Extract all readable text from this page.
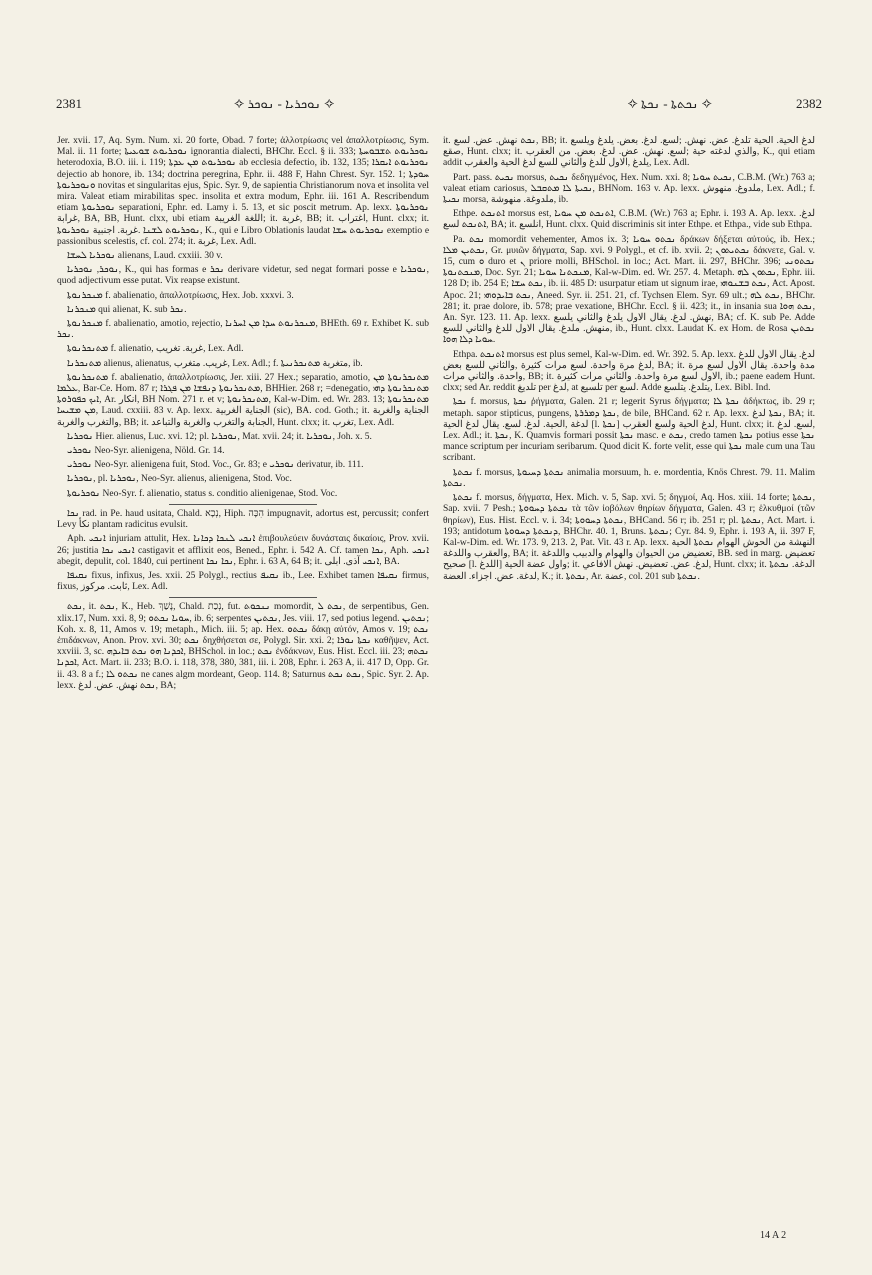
2381	✧ ܢܘܟܪܝܐ - ܢܘܟܪ ✧	✧ ܢܟܬܬܐ - ܢܟܬܐ ✧	2382

Jer. xvii. 17, Aq. Sym. Num. xi. 20 forte, Obad. 7 forte; ἀλλοτρίωσις vel ἀπαλλοτρίωσις, Sym. Mal. ii. 11 forte; ܢܘܟܪܝܘܬ ܫܘܥܝܬܐ ignorantia dialecti, BHChr. Eccl. § ii. 333; ܢܘܟܪܝܘܬ ܬܫܒܘܚܬܐ heterodoxia, B.O. iii. i. 119; ܢܘܟܪܝܘܬ ܡܢ ܥܕܬܐ ab ecclesia defectio, ib. 132, 135; ܢܘܟܪܝܘܬ ܐܝܩܪܐ dejectio ab honore, ib. 134; doctrina peregrina, Ephr. ii. 488 F, Hahn Chrest. Syr. 152. 1; ܚܘܕܬܐ ܘܢܘܟܪܝܘܬܐ novitas et singularitas ejus, Spic. Syr. 9, de sapientia Christianorum nova et insolita vel mira. Valeat etiam mirabilitas spec. insolita et extra modum, Ephr. iii. 161 A. Rescribendum etiam ܢܘܟܪܝܘܬܐ separationi, Ephr. ed. Lamy i. 5. 13, et sic poscit metrum. Ap. lexx. ܢܘܟܪܝܘܬܐ ‎غرابة‎, BA, BB, Hunt. clxx, ubi etiam ‎اللغة الغريبة‎; it. ‎غربة‎, BB; it. ‎اغتراب‎, Hunt. clxx; it. ܢܘܟܪܝܘܬܐ ‎غربة. اجنبية‎. ܢܘܟܪܝܘܬ ܠܫܢܐ, K., qui e Libro Oblationis laudat ܢܘܟܪܝܘܬ ܚܫܐ exemptio e passionibus scelestis, cf. col. 274; it. ‎غربة‎, Lex. Adl.

ܢܘܟܪܝܐ ܠܚܫܐ alienans, Laud. cxxiii. 30 v.

ܢܘܟܪ, ܢܘܟܪܝܐ, K., qui has formas e ܢܟܪ derivare videtur, sed negat formari posse e ܢܘܟܪܝܐ, quod adjectivum esse putat. Vix reapse existunt.

ܡܢܟܪܢܘܬܐ f. abalienatio, ἀπαλλοτρίωσις, Hex. Job. xxxvi. 3.

ܡܢܟܪܢܐ qui alienat, K. sub ܢܟܪ.

ܡܢܟܪܢܘܬܐ f. abalienatio, amotio, rejectio, ܡܢܟܪܢܘܬ ܚܕܐ ܡܢ ܐܚܪܢܐ, BHEth. 69 r. Exhibet K. sub ܢܟܪ.

ܡܬܢܟܪܢܘܬܐ f. alienatio, ‎غربة. تغريب‎, Lex. Adl.

ܡܬܢܟܪܢܐ alienus, alienatus, ‎غريب. متغرب‎, Lex. Adl.; f. ܡܬܢܟܪܢܝܬܐ ‎متغربة‎, ib.

ܡܬܢܟܪܢܘܬܐ f. abalienatio, ἀπαλλοτρίωσις, Jer. xiii. 27 Hex.; separatio, amotio, ܡܬܢܟܪܢܘܬܐ ܡܢ ܥܠܡܐ, Bar-Ce. Hom. 87 r; ܡܬܢܟܪܢܘܬܐ ܕܢܦܫܐ ܡܢ ܦܓܪܐ, BHHier. 268 r; =denegatio, ܡܬܢܟܪܢܘܬܐ ܕܗܝ ܐܝܟ ܟܦܘܪܘܬܐ, Ar. ‎انكار‎, BH Nom. 271 r. et v; ܡܬܢܟܪܢܘܬܐ, Kal-w-Dim. ed. Wr. 283. 13; ܡܬܢܟܪܢܘܬܐ ܡܢ ܡܫܝܚܐ, Laud. cxxiii. 83 v. Ap. lexx. ‎الجناية الغربية (sic)‎, BA. cod. Goth.; it. ‎الجناية والغربة والتغرب والغربة‎, BB; it. ‎الجنابة والتغرب والغربة والتباعد‎, Hunt. clxx; it. ‎تغرب‎, Lex. Adl.

ܢܘܟܪܝܐ Hier. alienus, Luc. xvi. 12; pl. ܢܘܟܪܝܐ, Mat. xvii. 24; it. ܢܘܟܪܝܐ, Joh. x. 5.

ܢܘܟܪܝ Neo-Syr. alienigena, Nöld. Gr. 14.

ܢܘܟܪܝ Neo-Syr. alienigena fuit, Stod. Voc., Gr. 83; e ܢܘܟܪܝ derivatur, ib. 111.

ܢܘܟܪܝܐ, pl. ܢܘܟܪܝܐ, Neo-Syr. alienus, alienigena, Stod. Voc.

ܢܘܟܪܝܘܬܐ Neo-Syr. f. alienatio, status s. conditio alienigenae, Stod. Voc.

ܢܟܐ rad. in Pe. haud usitata, Chald. ‎נְכָא‎, Hiph. ‎הִכָּה‎ impugnavit, adortus est, percussit; confert Levy ‎نكأ‎ plantam radicitus evulsit.

Aph. ܐܢܟܝ injuriam attulit, Hex. ܐܢܟܝ ܠܢܟܐ ܕܟܐܢܐ ἐπιβουλεύειν δυνάσταις δικαίοις, Prov. xvii. 26; justitia ܐܢܟܝ ܢܟܐ castigavit et afflixit eos, Bened., Ephr. i. 542 A. Cf. tamen ܢܟܐ, Aph. ܐܢܟܝ abegit, depulit, col. 1840, cui pertinent ܢܟܐ ܢܟܐ, Ephr. i. 63 A, 64 B; it. ‎آذى. ابلى‎ ܐܢܟܝ, BA.

ܢܩܝܦܐ fixus, infixus, Jes. xxii. 25 Polygl., rectius ܢܩܝܦ ib., Lee. Exhibet tamen ܢܩܝܦܐ firmus, fixus, ‎ثابت. مركوز‎, Lex. Adl.

ܢܟܬ, it. ܢܟܬ, K., Heb. ‎נָשַׁךְ‎, Chald. ‎נְכַת‎, fut. ܢܢܟܘܬ momordit, ܢܟܬ ܠ, de serpentibus, Gen. xlix.17, Num. xxi. 8, 9; ܚܘܝܐ ܢܟܬܘ, ib. 6; serpentes ܢܟܬܝܢ, Jes. viii. 17, sed potius legend. ܢܟܬܝܢ; Koh. x. 8, 11, Amos v. 19; metaph., Mich. iii. 5; ap. Hex. ܢܟܬܘ δάκῃ αὐτόν, Amos v. 19; ܢܟܬ ἐπιδάκνων, Anon. Prov. xvi. 30; ܢܟܬ δηχθήσεται σε, Polygl. Sir. xxi. 2; ܢܟܬܐ ܢܘܪܐ καθῆψεν, Act. xxviii. 3, sc. ܐܟܕܢܐ ܗܘ ܢܟܬ ܒܐܝܕܗ, BHSchol. in loc.; ܢܟܬ ἐνδάκνων, Eus. Hist. Eccl. iii. 23; ܢܟܬܗ ܐܟܕܢܐ, Act. Mart. ii. 233; B.O. i. 118, 378, 380, 381, iii. i. 208, Ephr. i. 263 A, ii. 417 D, Opp. Gr. ii. 43. 8 a f.; ܢܟܬܘ ܠܐ ne canes algm mordeant, Geop. 114. 8; Saturnus ܢܟܬ ܢܟܬ, Spic. Syr. 2. Ap. lexx. ‎نهش. عض. لدغ‎ ܢܟܬ, BA;

it. ‎نهش. عض. لسع‎ ܢܟܬ, BB; it. ‎لسع. لدغ. بعض. يلدغ ويلسع‎; ‎لدغ الحية. الحية تلدغ. عض. نهش. صقع‎, Hunt. clxx; it. ‎لسع. نهش. عض. لدغ. بعض. من العقرب‎; ‎والذي لدغته حية‎, K., qui etiam addit ‎لدغ الحية والعقرب‎ ‎الاول للدغ والثاني للسع‎, ‎يلدغ‎, Lex. Adl.

Part. pass. ܢܟܝܬ morsus, ܢܟܝܬ δεδηγμένος, Hex. Num. xxi. 8; ܢܟܝܬ ܚܘܝܐ, C.B.M. (Wr.) 763 a; valeat etiam cariosus, ܢܟܝܬܐ ܠܐ ܡܬܩܒܠ, BHNom. 163 v. Ap. lexx. ‎ملدوغ. منهوش‎, Lex. Adl.; f. ܢܟܝܬܐ morsa, ‎ملدوغة. منهوشة‎, ib.

Ethpe. ܐܬܢܟܬ morsus est, ܐܬܢܟܬ ܡܢ ܚܘܝܐ, C.B.M. (Wr.) 763 a; Ephr. i. 193 A. Ap. lexx. ‎لدغ. لسع‎ ܐܬܢܟܬ, BA; it. ‎انلسع‎, Hunt. clxx. Quid discriminis sit inter Ethpe. et Ethpa., vide sub Ethpa.

Pa. ܢܟܬ momordit vehementer, Amos ix. 3; ܢܟܬܘ ܚܘܝܐ δράκων δήξεται αὐτούς, ib. Hex.; ܢܟܬܝܢ ܡܠܐ, Gr. μυιῶν δήγματα, Sap. xvi. 9 Polygl., et cf. ib. xvii. 2; ܢܟܬܝܬܘܢ δάκνετε, Gal. v. 15, cum ܘ duro et ܢ priore molli, BHSchol. in loc.; Act. Mart. ii. 297, BHChr. 396; ܢܟܬܘܢܝ ܡܢܟܬܢܘܬܐ, Doc. Syr. 21; ܡܢܟܬܢܐ ܚܘܝܐ, Kal-w-Dim. ed. Wr. 257. 4. Metaph. ܢܟܬܘܢ ܠܗ, Ephr. iii. 128 D; ib. 254 E; ܢܟܬ ܚܫܐ, ib. ii. 485 D: usurpatur etiam ut signum irae, ܢܟܬ ܒܫܢܘܗܝ, Act. Apost. Apoc. 21; ܢܟܬ ܒܐܝܕܘܗܝ, Aneed. Syr. ii. 251. 21, cf. Tychsen Elem. Syr. 69 ult.; ܢܟܬ ܠܗ, BHChr. 281; it. prae dolore, ib. 578; prae vexatione, BHChr. Eccl. § ii. 423; it., in insania sua ܢܟܬ ܗܘܐ, An. Syr. 123. 11. Ap. lexx. ‎نهش. لدغ. يقال الاول يلدغ والثاني يلسع‎, BA; cf. K. sub Pe. Adde ‎منهش. ملدغ. يقال الاول للدغ والثاني للسع‎, ib., Hunt. clxx. Laudat K. ex Hom. de Rosa ܢܟܬܝܢ ܚܘܝܐ ܕܠܐ ܗܘܐ.

Ethpa. ܐܬܢܟܬ morsus est plus semel, Kal-w-Dim. ed. Wr. 392. 5. Ap. lexx. ‎لدغ. يقال الاول للدغ والثاني للسع بعض‎, ‎لدغ مرة واحدة. لسع مرات كثيرة‎, BA; it. ‎مدة واحدة. يقال الاول لسع مرة واحدة. والثاني مرات‎, BB; it. ‎الاول لسع مرة واحدة. والثاني مرات كثيرة‎, ib.; paene eadem Hunt. clxx; sed Ar. reddit ‎تلديغ‎ per ‎لدغ‎, at ‎تلسيع‎ per ‎لسع‎. Adde ‎يتلدغ. يتلسع‎, Lex. Bibl. Ind.

ܢܟܬܐ f. morsus, ܢܟܬܐ ῥήγματα, Galen. 21 r; legerit Syrus δήγματα; ܢܟܬܐ ܠܐ ἀδήκτως, ib. 29 r; metaph. sapor stipticus, pungens, ܢܟܬܐ ܕܡܪܪܬܐ, de bile, BHCand. 62 r. Ap. lexx. ‎لدغ‎ ܢܟܬܐ, BA; it. ‎الحية. لدغ. لسع. يقال لدغ الحية‎, ‎لدغة‎ [l. ܢܟܬܐ] ‎لدغ الحية ولسع العقرب‎, Hunt. clxx; it. ‎لسع. لدغ‎, Lex. Adl.; it. ܢܟܬܐ, K. Quamvis formari possit ܢܟܬܐ masc. e ܢܟܬ, credo tamen ܢܟܬܐ potius esse ܢܟܬܐ mance scriptum per incuriam seribarum. Quod dicit K. forte velit, esse qui ܢܟܬܐ male cum una Tau scribant.

ܢܟܬܬܐ f. morsus, ܢܟܬܬܐ ܕܚܝܘܬܐ animalia morsuum, h. e. mordentia, Knös Chrest. 79. 11. Malim ܢܟܬܬܐ.

ܢܟܬܬܐ f. morsus, δήγματα, Hex. Mich. v. 5, Sap. xvi. 5; δηγμοί, Aq. Hos. xiii. 14 forte; ܢܟܬܬܐ, Sap. xvii. 7 Pesh.; ܢܟܬܬܐ ܕܚܘܘܬܐ τὰ τῶν ἰοβόλων θηρίων δήγματα, Galen. 43 r; ἑλκυθμοί (τῶν θηρίων), Eus. Hist. Eccl. v. i. 34; ܢܟܬܬܐ ܕܚܘܘܬܐ, BHCand. 56 r; ib. 251 r; pl. ܢܟܬܬܐ, Act. Mart. i. 193; antidotum ܕܢܟܬܬܐ ܕܚܘܘܬܐ, BHChr. 40. 1, Bruns. ܢܟܬܬܐ; Cyr. 84. 9, Ephr. i. 193 A, ii. 397 F, Kal-w-Dim. ed. Wr. 173. 9, 213. 2, Pat. Vit. 43 r. Ap. lexx. ‎الحية‎ ܢܟܬܬܐ ‎النهشة من الحوش الهوام والعقرب واللدغة‎, BA; it. ‎تعضيض من الحيوان والهوام والدبيب واللدغة‎, BB. sed in marg. ‎تعضيض صحيح‎ [l. ‎اللدغ‎] ‎واول عضة الحية‎; it. ‎لدغ. عض. تعضيض. نهش الافاعي‎, Hunt. clxx; it. ܢܟܬܬܐ ‎الدغة. لدغة. عض. اجزاء. العضة‎, K.; it. ܢܟܬܬܐ, Ar. ‎عضة‎, col. 201 sub ܢܟܬܬܐ.

14 A 2
